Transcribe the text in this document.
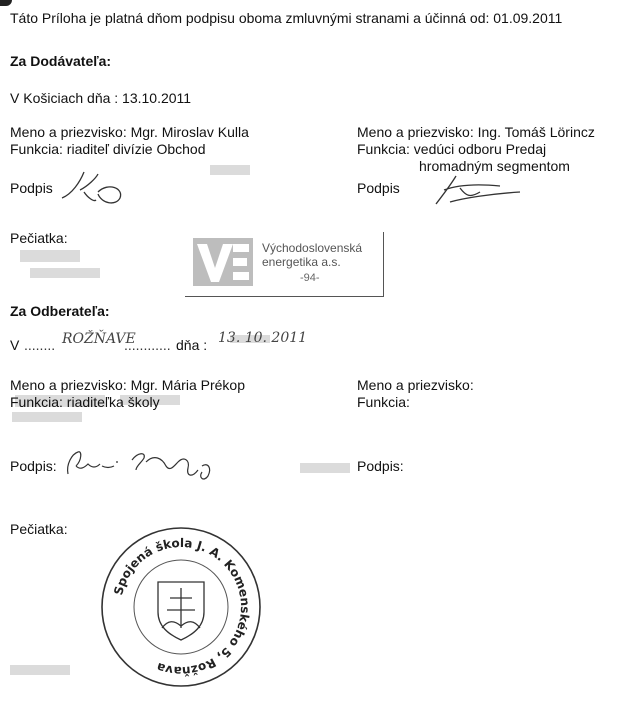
Táto Príloha je platná dňom podpisu oboma zmluvnými stranami a účinná od: 01.09.2011
Za Dodávateľa:
V Košiciach dňa : 13.10.2011
Meno a priezvisko: Mgr. Miroslav Kulla
Funkcia: riaditeľ divízie Obchod
Meno a priezvisko: Ing. Tomáš Lörincz
Funkcia: vedúci odboru Predaj
hromadným segmentom
Podpis	Podpis
Pečiatka:
Východoslovenská
energetika a.s.
-94-
Za Odberateľa:
V ........ ROŽŇAVE
............ dňa : 13. 10. 2011
Meno a priezvisko: Mgr. Mária Prékop
Funkcia: riaditeľka školy
Meno a priezvisko:
Funkcia:
Podpis:	Podpis:
Pečiatka:
Spojená škola J. A. Komenského 5, Rožňava
